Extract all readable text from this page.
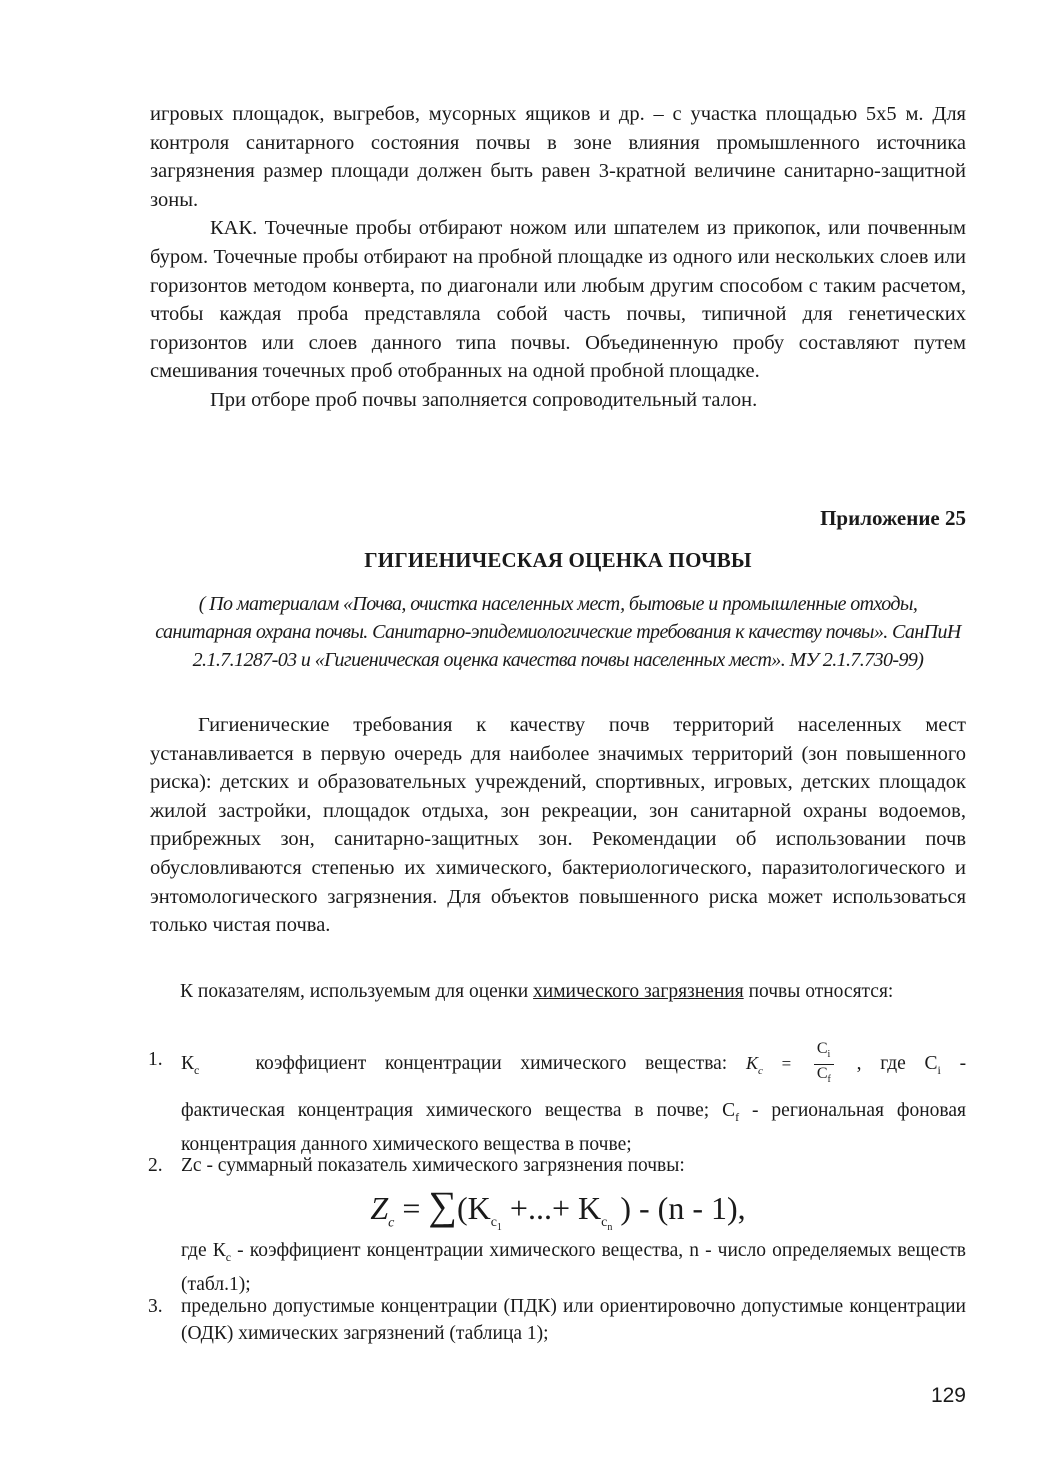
игровых площадок, выгребов, мусорных ящиков и др. – с участка площадью 5х5 м. Для контроля санитарного состояния почвы в зоне влияния промышленного источника загрязнения размер площади должен быть равен 3-кратной величине санитарно-защитной зоны.

КАК. Точечные пробы отбирают ножом или шпателем из прикопок, или почвенным буром. Точечные пробы отбирают на пробной площадке из одного или нескольких слоев или горизонтов методом конверта, по диагонали или любым другим способом с таким расчетом, чтобы каждая проба представляла собой часть почвы, типичной для генетических горизонтов или слоев данного типа почвы. Объединенную пробу составляют путем смешивания точечных проб отобранных на одной пробной площадке.

При отборе проб почвы заполняется сопроводительный талон.

Приложение 25
ГИГИЕНИЧЕСКАЯ ОЦЕНКА ПОЧВЫ
( По материалам «Почва, очистка населенных мест, бытовые и промышленные отходы, санитарная охрана почвы. Санитарно-эпидемиологические требования к качеству почвы». СанПиН 2.1.7.1287-03 и «Гигиеническая оценка качества почвы населенных мест». МУ 2.1.7.730-99)

Гигиенические требования к качеству почв территорий населенных мест устанавливается в первую очередь для наиболее значимых территорий (зон повышенного риска): детских и образовательных учреждений, спортивных, игровых, детских площадок жилой застройки, площадок отдыха, зон рекреации, зон санитарной охраны водоемов, прибрежных зон, санитарно-защитных зон. Рекомендации об использовании почв обусловливаются степенью их химического, бактериологического, паразитологического и энтомологического загрязнения. Для объектов повышенного риска может использоваться только чистая почва.

К показателям, используемым для оценки химического загрязнения почвы относятся:
1. $К_с$	коэффициент концентрации химического вещества: $K_c = \frac{C_i}{C_f}$ , где $C_i$ -
фактическая концентрация химического вещества в почве; $C_f$ - региональная фоновая концентрация данного химического вещества в почве;
2. Zc - суммарный показатель химического загрязнения почвы:
$Z_c = \sum(K_{c_1}$ +...+ $K_{c_n}$ ) - (n - 1),
где $К_с$ - коэффициент концентрации химического вещества, n - число определяемых веществ (табл.1);
3. предельно допустимые концентрации (ПДК) или ориентировочно допустимые концентрации (ОДК) химических загрязнений (таблица 1);
129
